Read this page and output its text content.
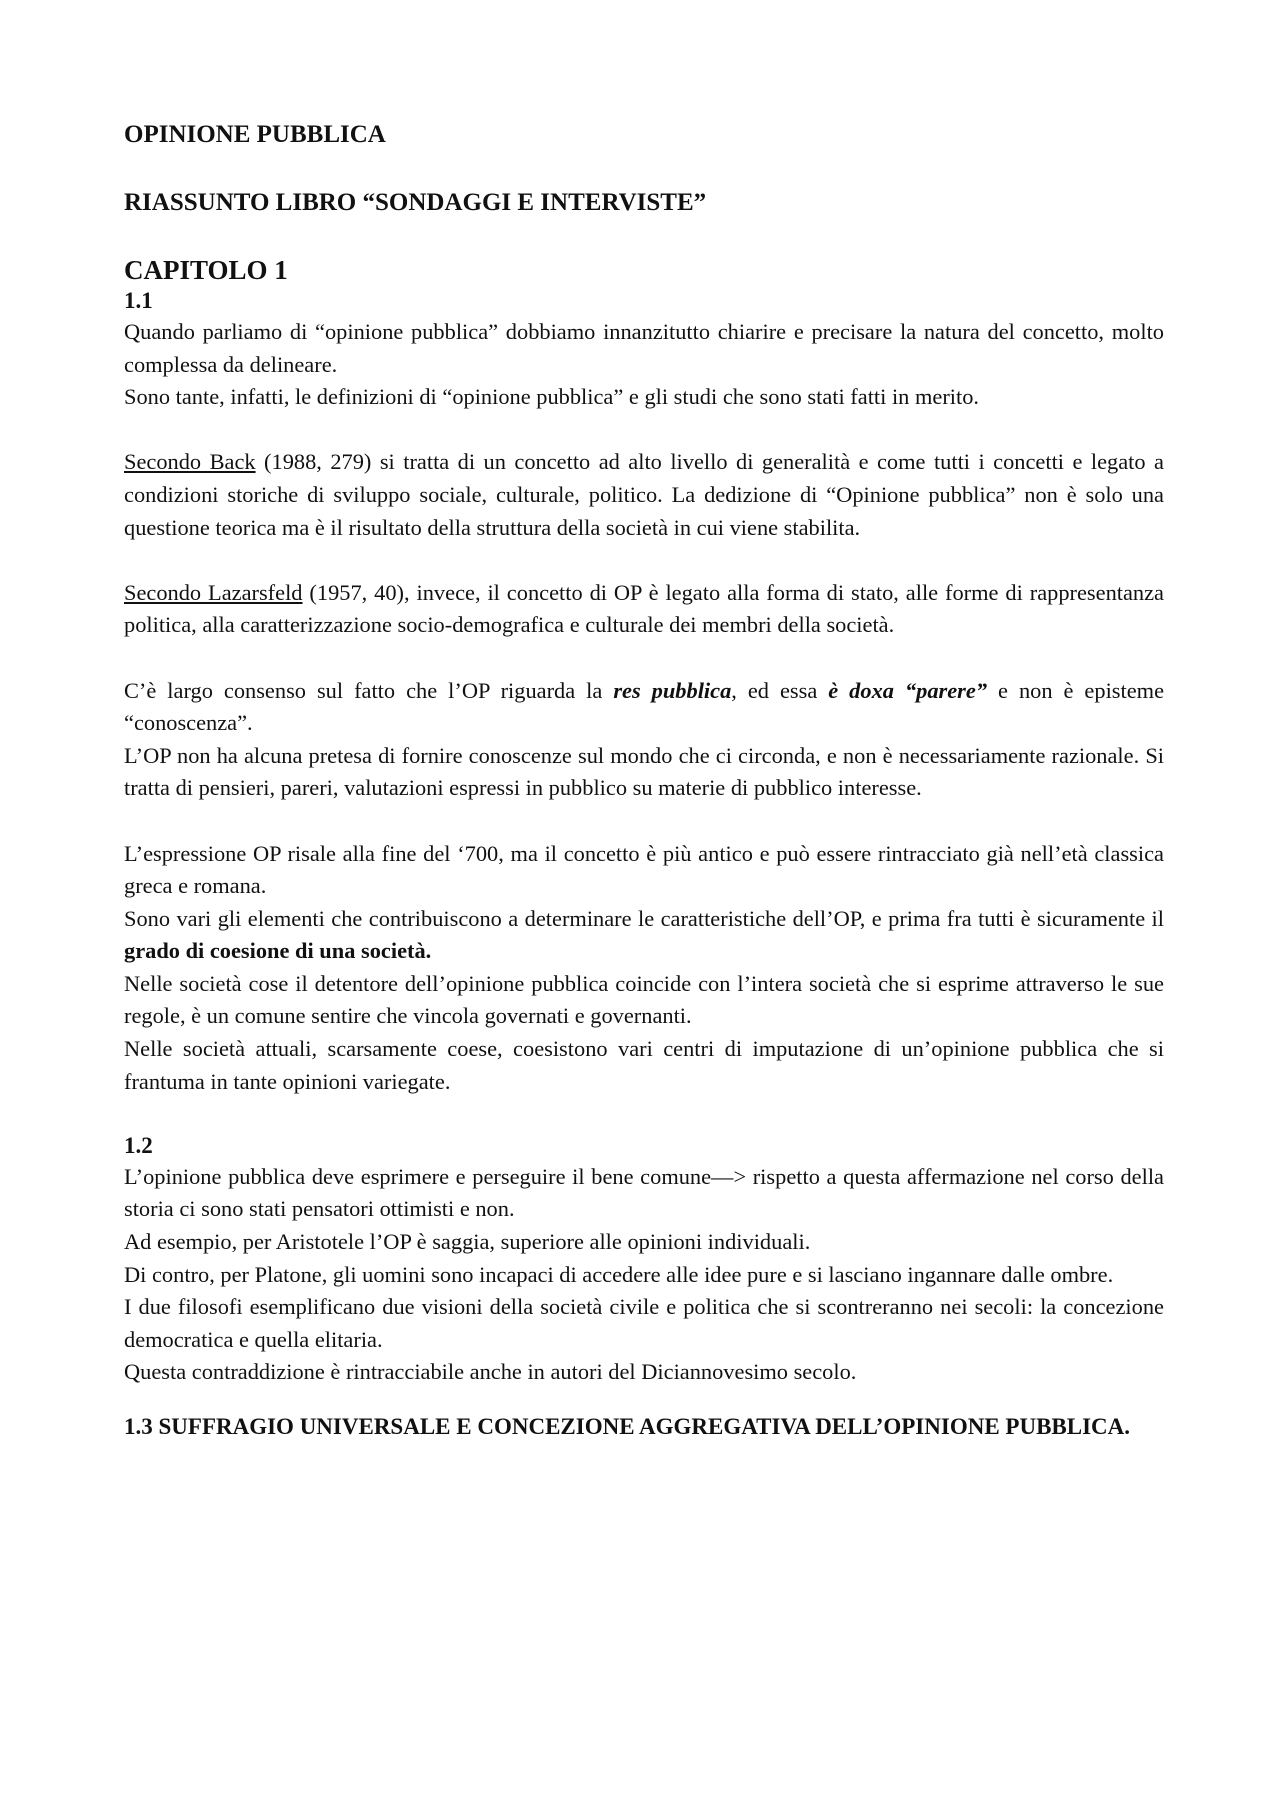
OPINIONE PUBBLICA
RIASSUNTO LIBRO “SONDAGGI E INTERVISTE”
CAPITOLO 1
1.1

Quando parliamo di “opinione pubblica” dobbiamo innanzitutto chiarire e precisare la natura del concetto, molto complessa da delineare.

Sono tante, infatti, le definizioni di “opinione pubblica” e gli studi che sono stati fatti in merito.

Secondo Back (1988, 279) si tratta di un concetto ad alto livello di generalità e come tutti i concetti e legato a condizioni storiche di sviluppo sociale, culturale, politico. La dedizione di “Opinione pubblica” non è solo una questione teorica ma è il risultato della struttura della società in cui viene stabilita.

Secondo Lazarsfeld (1957, 40), invece, il concetto di OP è legato alla forma di stato, alle forme di rappresentanza politica, alla caratterizzazione socio-demografica e culturale dei membri della società.

C’è largo consenso sul fatto che l’OP riguarda la res pubblica, ed essa è doxa “parere” e non è episteme “conoscenza”.

L’OP non ha alcuna pretesa di fornire conoscenze sul mondo che ci circonda, e non è necessariamente razionale. Si tratta di pensieri, pareri, valutazioni espressi in pubblico su materie di pubblico interesse.

L’espressione OP risale alla fine del ‘700, ma il concetto è più antico e può essere rintracciato già nell’età classica greca e romana.

Sono vari gli elementi che contribuiscono a determinare le caratteristiche dell’OP, e prima fra tutti è sicuramente il grado di coesione di una società.

Nelle società cose il detentore dell’opinione pubblica coincide con l’intera società che si esprime attraverso le sue regole, è un comune sentire che vincola governati e governanti.

Nelle società attuali, scarsamente coese, coesistono vari centri di imputazione di un’opinione pubblica che si frantuma in tante opinioni variegate.

1.2

L’opinione pubblica deve esprimere e perseguire il bene comune—> rispetto a questa affermazione nel corso della storia ci sono stati pensatori ottimisti e non.

Ad esempio, per Aristotele l’OP è saggia, superiore alle opinioni individuali.

Di contro, per Platone, gli uomini sono incapaci di accedere alle idee pure e si lasciano ingannare dalle ombre.

I due filosofi esemplificano due visioni della società civile e politica che si scontreranno nei secoli: la concezione democratica e quella elitaria.

Questa contraddizione è rintracciabile anche in autori del Diciannovesimo secolo.

1.3 SUFFRAGIO UNIVERSALE E CONCEZIONE AGGREGATIVA DELL’OPINIONE PUBBLICA.
